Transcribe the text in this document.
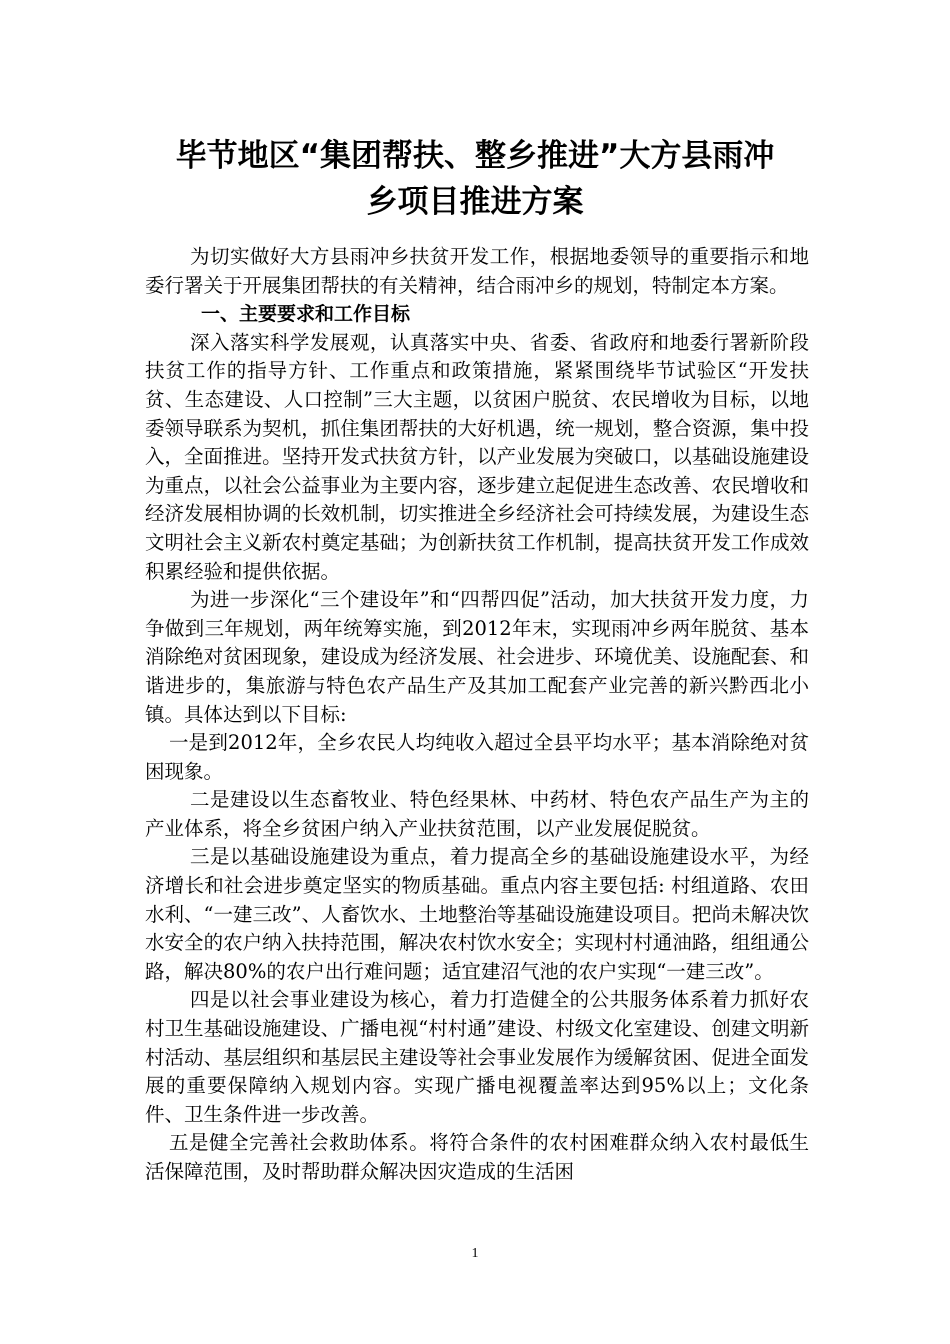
毕节地区“集团帮扶、整乡推进”大方县雨冲
乡项目推进方案

为切实做好大方县雨冲乡扶贫开发工作，根据地委领导的重要指示和地委行署关于开展集团帮扶的有关精神，结合雨冲乡的规划，特制定本方案。

一、主要要求和工作目标

深入落实科学发展观，认真落实中央、省委、省政府和地委行署新阶段扶贫工作的指导方针、工作重点和政策措施，紧紧围绕毕节试验区“开发扶贫、生态建设、人口控制”三大主题，以贫困户脱贫、农民增收为目标，以地委领导联系为契机，抓住集团帮扶的大好机遇，统一规划，整合资源，集中投入，全面推进。坚持开发式扶贫方针，以产业发展为突破口，以基础设施建设为重点，以社会公益事业为主要内容，逐步建立起促进生态改善、农民增收和经济发展相协调的长效机制，切实推进全乡经济社会可持续发展，为建设生态文明社会主义新农村奠定基础；为创新扶贫工作机制，提高扶贫开发工作成效积累经验和提供依据。

为进一步深化“三个建设年”和“四帮四促”活动，加大扶贫开发力度，力争做到三年规划，两年统筹实施，到2012年末，实现雨冲乡两年脱贫、基本消除绝对贫困现象，建设成为经济发展、社会进步、环境优美、设施配套、和谐进步的，集旅游与特色农产品生产及其加工配套产业完善的新兴黔西北小镇。具体达到以下目标:

一是到2012年，全乡农民人均纯收入超过全县平均水平；基本消除绝对贫困现象。

二是建设以生态畜牧业、特色经果林、中药材、特色农产品生产为主的产业体系，将全乡贫困户纳入产业扶贫范围，以产业发展促脱贫。

三是以基础设施建设为重点，着力提高全乡的基础设施建设水平，为经济增长和社会进步奠定坚实的物质基础。重点内容主要包括: 村组道路、农田水利、“一建三改”、人畜饮水、土地整治等基础设施建设项目。把尚未解决饮水安全的农户纳入扶持范围，解决农村饮水安全；实现村村通油路，组组通公路，解决80%的农户出行难问题；适宜建沼气池的农户实现“一建三改”。

四是以社会事业建设为核心，着力打造健全的公共服务体系着力抓好农村卫生基础设施建设、广播电视“村村通”建设、村级文化室建设、创建文明新村活动、基层组织和基层民主建设等社会事业发展作为缓解贫困、促进全面发展的重要保障纳入规划内容。实现广播电视覆盖率达到95%以上；文化条件、卫生条件进一步改善。

五是健全完善社会救助体系。将符合条件的农村困难群众纳入农村最低生活保障范围，及时帮助群众解决因灾造成的生活困

1
